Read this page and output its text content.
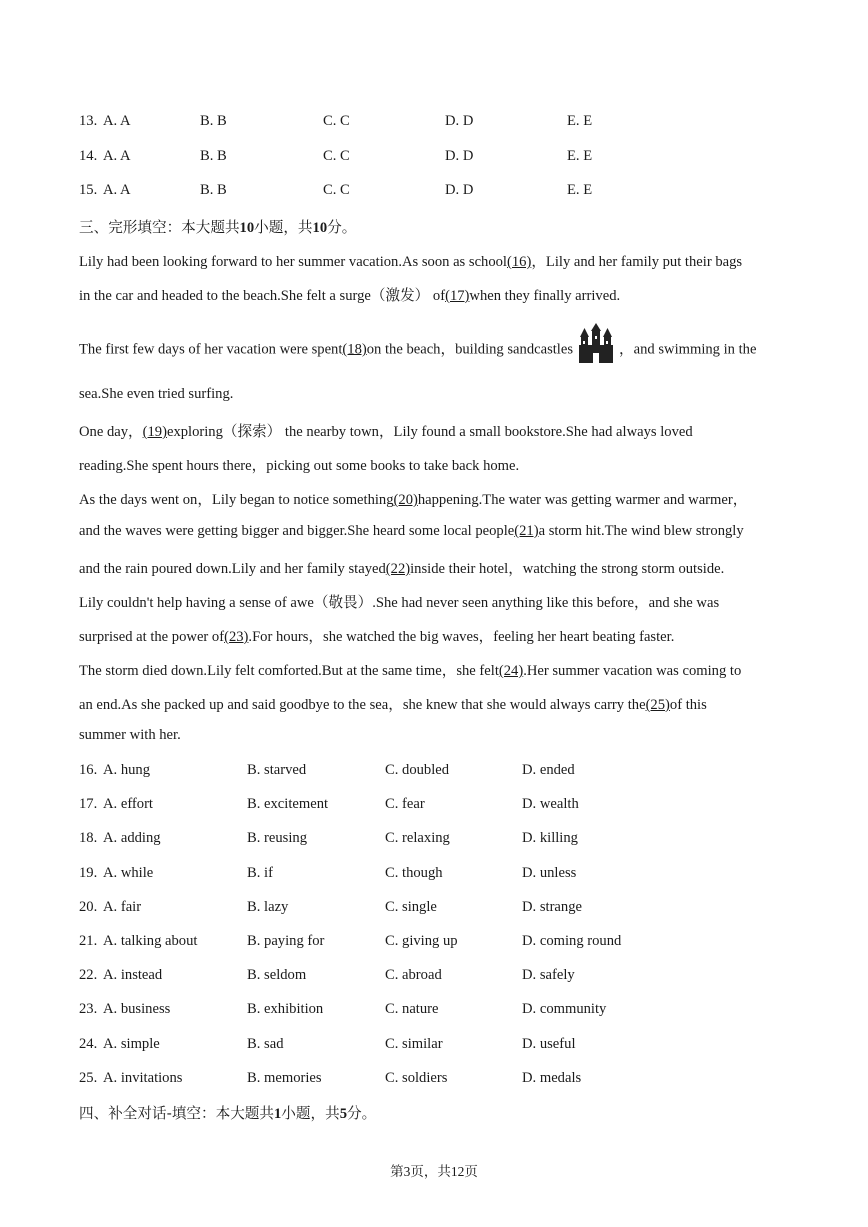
13. A. A	B. B	C. C	D. D	E. E
14. A. A	B. B	C. C	D. D	E. E
15. A. A	B. B	C. C	D. D	E. E
三、完形填空：本大题共10小题，共10分。
Lily had been looking forward to her summer vacation.As soon as school(16)，Lily and her family put their bags
in the car and headed to the beach.She felt a surge（激发） of(17)when they finally arrived.
The first few days of her vacation were spent(18)on the beach，building sandcastles	，and swimming in the
sea.She even tried surfing.
One day，(19)exploring（探索） the nearby town，Lily found a small bookstore.She had always loved
reading.She spent hours there，picking out some books to take back home.
As the days went on，Lily began to notice something(20)happening.The water was getting warmer and warmer，
and the waves were getting bigger and bigger.She heard some local people(21)a storm hit.The wind blew strongly
and the rain poured down.Lily and her family stayed(22)inside their hotel，watching the strong storm outside.
Lily couldn't help having a sense of awe（敬畏）.She had never seen anything like this before，and she was
surprised at the power of(23).For hours，she watched the big waves，feeling her heart beating faster.
The storm died down.Lily felt comforted.But at the same time，she felt(24).Her summer vacation was coming to
an end.As she packed up and said goodbye to the sea，she knew that she would always carry the(25)of this
summer with her.
16. A. hung	B. starved	C. doubled	D. ended
17. A. effort	B. excitement	C. fear	D. wealth
18. A. adding	B. reusing	C. relaxing	D. killing
19. A. while	B. if	C. though	D. unless
20. A. fair	B. lazy	C. single	D. strange
21. A. talking about	B. paying for	C. giving up	D. coming round
22. A. instead	B. seldom	C. abroad	D. safely
23. A. business	B. exhibition	C. nature	D. community
24. A. simple	B. sad	C. similar	D. useful
25. A. invitations	B. memories	C. soldiers	D. medals
四、补全对话-填空：本大题共1小题，共5分。
第3页，共12页
